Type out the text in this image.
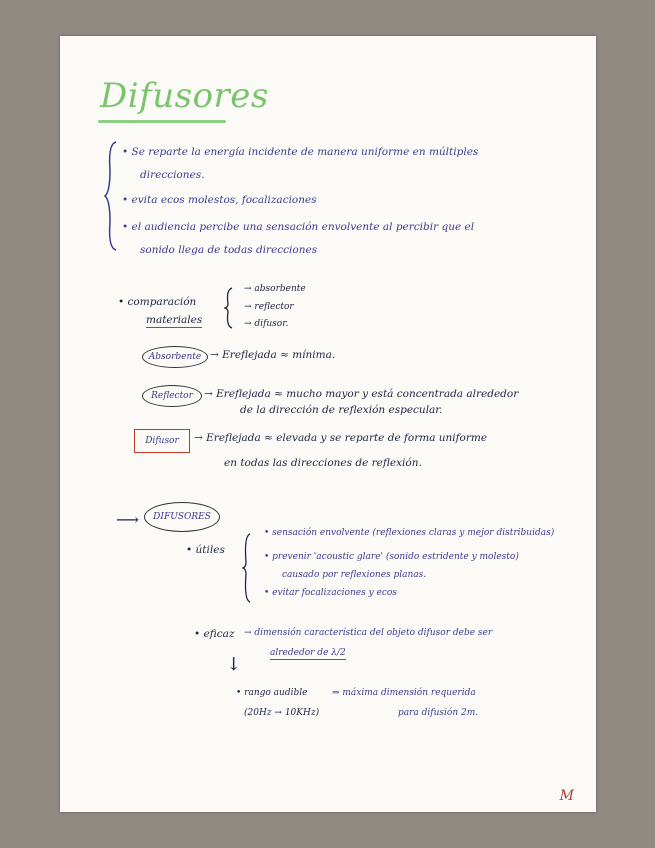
Difusores
• Se reparte la energía incidente de manera uniforme en múltiples
direcciones.
• evita ecos molestos, focalizaciones
• el audiencia percibe una sensación envolvente al percibir que el
sonido llega de todas direcciones
• comparación
materiales
→ absorbente
→ reflector
→ difusor.
Absorbente → Ereflejada ≈ mínima.
Reflector	→ Ereflejada ≈ mucho mayor y está concentrada alrededor
de la dirección de reflexión especular.
Difusor	→ Ereflejada ≈ elevada y se reparte de forma uniforme
en todas las direcciones de reflexión.
⟶	DIFUSORES
• útiles
• sensación envolvente (reflexiones claras y mejor distribuidas)
• prevenir 'acoustic glare' (sonido estridente y molesto)
causado por reflexiones planas.
• evitar focalizaciones y ecos
• eficaz → dimensión característica del objeto difusor debe ser
alrededor de λ/2
↓
• rango audible
(20Hz → 10KHz)
⇒ máxima dimensión requerida
para difusión 2m.
M
